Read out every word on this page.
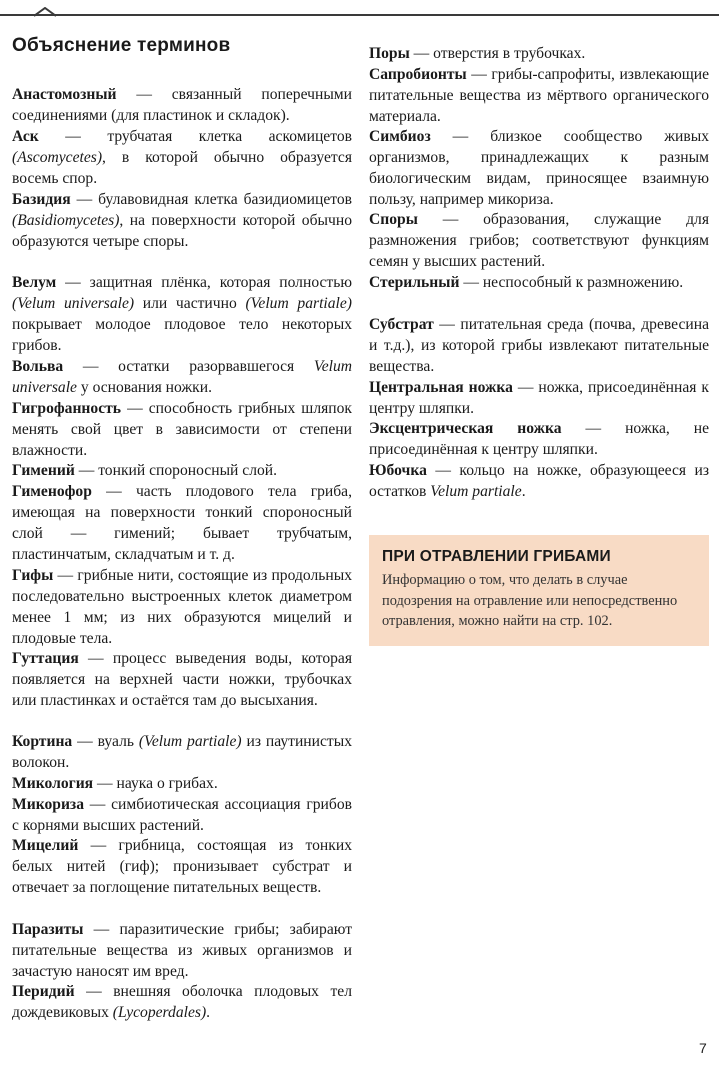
Объяснение терминов

Анастомозный — связанный поперечными соединениями (для пластинок и складок).

Аск — трубчатая клетка аскомицетов (Ascomycetes), в которой обычно образуется восемь спор.

Базидия — булавовидная клетка базидиомицетов (Basidiomycetes), на поверхности которой обычно образуются четыре споры.

Велум — защитная плёнка, которая полностью (Velum universale) или частично (Velum partiale) покрывает молодое плодовое тело некоторых грибов.

Вольва — остатки разорвавшегося Velum universale у основания ножки.

Гигрофанность — способность грибных шляпок менять свой цвет в зависимости от степени влажности.

Гимений — тонкий спороносный слой.

Гименофор — часть плодового тела гриба, имеющая на поверхности тонкий спороносный слой — гимений; бывает трубчатым, пластинчатым, складчатым и т. д.

Гифы — грибные нити, состоящие из продольных последовательно выстроенных клеток диаметром менее 1 мм; из них образуются мицелий и плодовые тела.

Гуттация — процесс выведения воды, которая появляется на верхней части ножки, трубочках или пластинках и остаётся там до высыхания.

Кортина — вуаль (Velum partiale) из паутинистых волокон.

Микология — наука о грибах.

Микориза — симбиотическая ассоциация грибов с корнями высших растений.

Мицелий — грибница, состоящая из тонких белых нитей (гиф); пронизывает субстрат и отвечает за поглощение питательных веществ.

Паразиты — паразитические грибы; забирают питательные вещества из живых организмов и зачастую наносят им вред.

Перидий — внешняя оболочка плодовых тел дождевиковых (Lycoperdales).

Поры — отверстия в трубочках.

Сапробионты — грибы-сапрофиты, извлекающие питательные вещества из мёртвого органического материала.

Симбиоз — близкое сообщество живых организмов, принадлежащих к разным биологическим видам, приносящее взаимную пользу, например микориза.

Споры — образования, служащие для размножения грибов; соответствуют функциям семян у высших растений.

Стерильный — неспособный к размножению.

Субстрат — питательная среда (почва, древесина и т.д.), из которой грибы извлекают питательные вещества.

Центральная ножка — ножка, присоединённая к центру шляпки.

Эксцентрическая ножка — ножка, не присоединённая к центру шляпки.

Юбочка — кольцо на ножке, образующееся из остатков Velum partiale.

ПРИ ОТРАВЛЕНИИ ГРИБАМИ

Информацию о том, что делать в случае подозрения на отравление или непосредственно отравления, можно найти на стр. 102.

7
